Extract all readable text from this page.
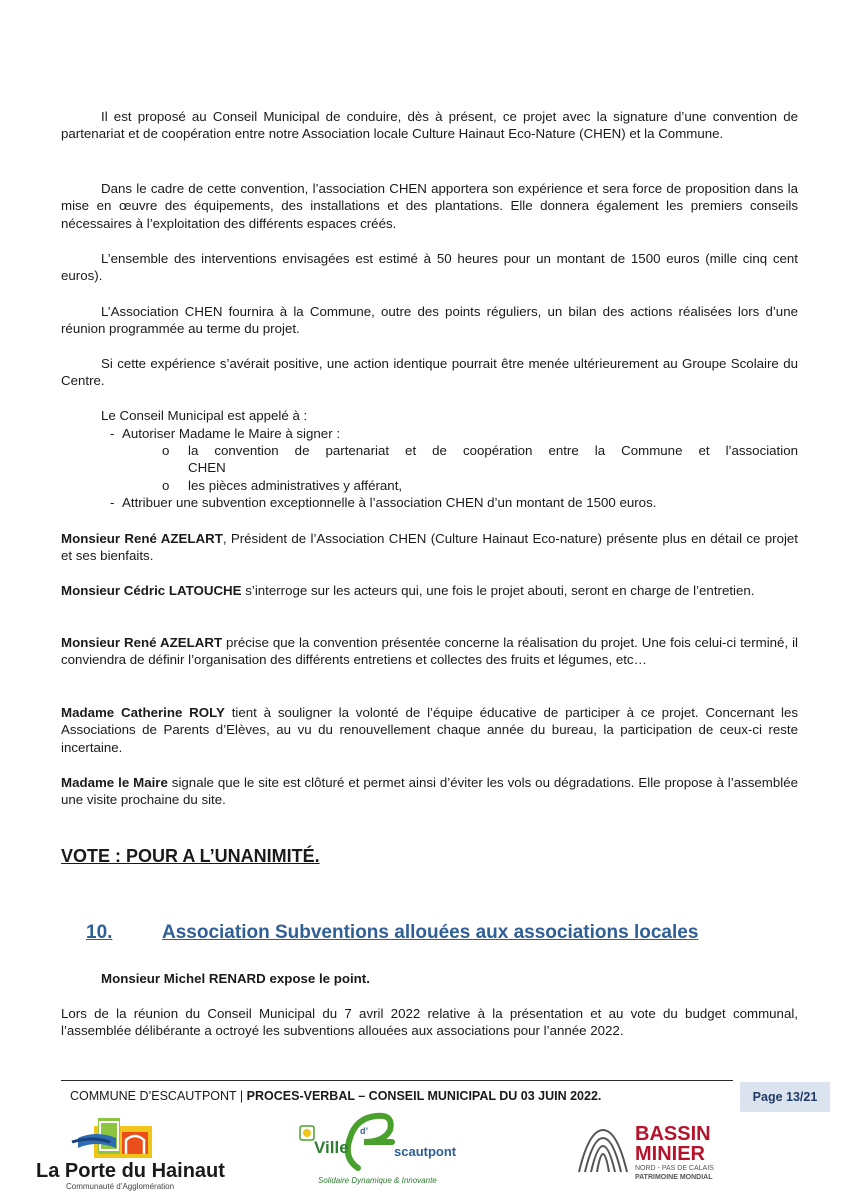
Il est proposé au Conseil Municipal de conduire, dès à présent, ce projet avec la signature d’une convention de partenariat et de coopération entre notre Association locale Culture Hainaut Eco-Nature (CHEN) et la Commune.
Dans le cadre de cette convention, l’association CHEN apportera son expérience et sera force de proposition dans la mise en œuvre des équipements, des installations et des plantations. Elle donnera également les premiers conseils nécessaires à l’exploitation des différents espaces créés.
L’ensemble des interventions envisagées est estimé à 50 heures pour un montant de 1500 euros (mille cinq cent euros).
L’Association CHEN fournira à la Commune, outre des points réguliers, un bilan des actions réalisées lors d’une réunion programmée au terme du projet.
Si cette expérience s’avérait positive, une action identique pourrait être menée ultérieurement au Groupe Scolaire du Centre.
Le Conseil Municipal est appelé à :
- Autoriser Madame le Maire à signer :
o la convention de partenariat et de coopération entre la Commune et l’association
CHEN
o les pièces administratives y afférant,
- Attribuer une subvention exceptionnelle à l’association CHEN d’un montant de 1500 euros.
Monsieur René AZELART, Président de l’Association CHEN (Culture Hainaut Eco-nature) présente plus en détail ce projet et ses bienfaits.
Monsieur Cédric LATOUCHE s’interroge sur les acteurs qui, une fois le projet abouti, seront en charge de l’entretien.
Monsieur René AZELART précise que la convention présentée concerne la réalisation du projet. Une fois celui-ci terminé, il conviendra de définir l’organisation des différents entretiens et collectes des fruits et légumes, etc…
Madame Catherine ROLY tient à souligner la volonté de l’équipe éducative de participer à ce projet. Concernant les Associations de Parents d’Elèves, au vu du renouvellement chaque année du bureau, la participation de ceux-ci reste incertaine.
Madame le Maire signale que le site est clôturé et permet ainsi d’éviter les vols ou dégradations. Elle propose à l’assemblée une visite prochaine du site.
VOTE : POUR A L’UNANIMITÉ.
10.	Association Subventions allouées aux associations locales
Monsieur Michel RENARD expose le point.
Lors de la réunion du Conseil Municipal du 7 avril 2022 relative à la présentation et au vote du budget communal, l’assemblée délibérante a octroyé les subventions allouées aux associations pour l’année 2022.
COMMUNE D’ESCAUTPONT | PROCES-VERBAL – CONSEIL MUNICIPAL DU 03 JUIN 2022.	Page 13/21
La Porte du Hainaut
Communauté d’Agglomération
Ville
d’
scautpont
Solidaire Dynamique & Innovante
BASSIN
MINIER
NORD - PAS DE CALAIS
PATRIMOINE MONDIAL
